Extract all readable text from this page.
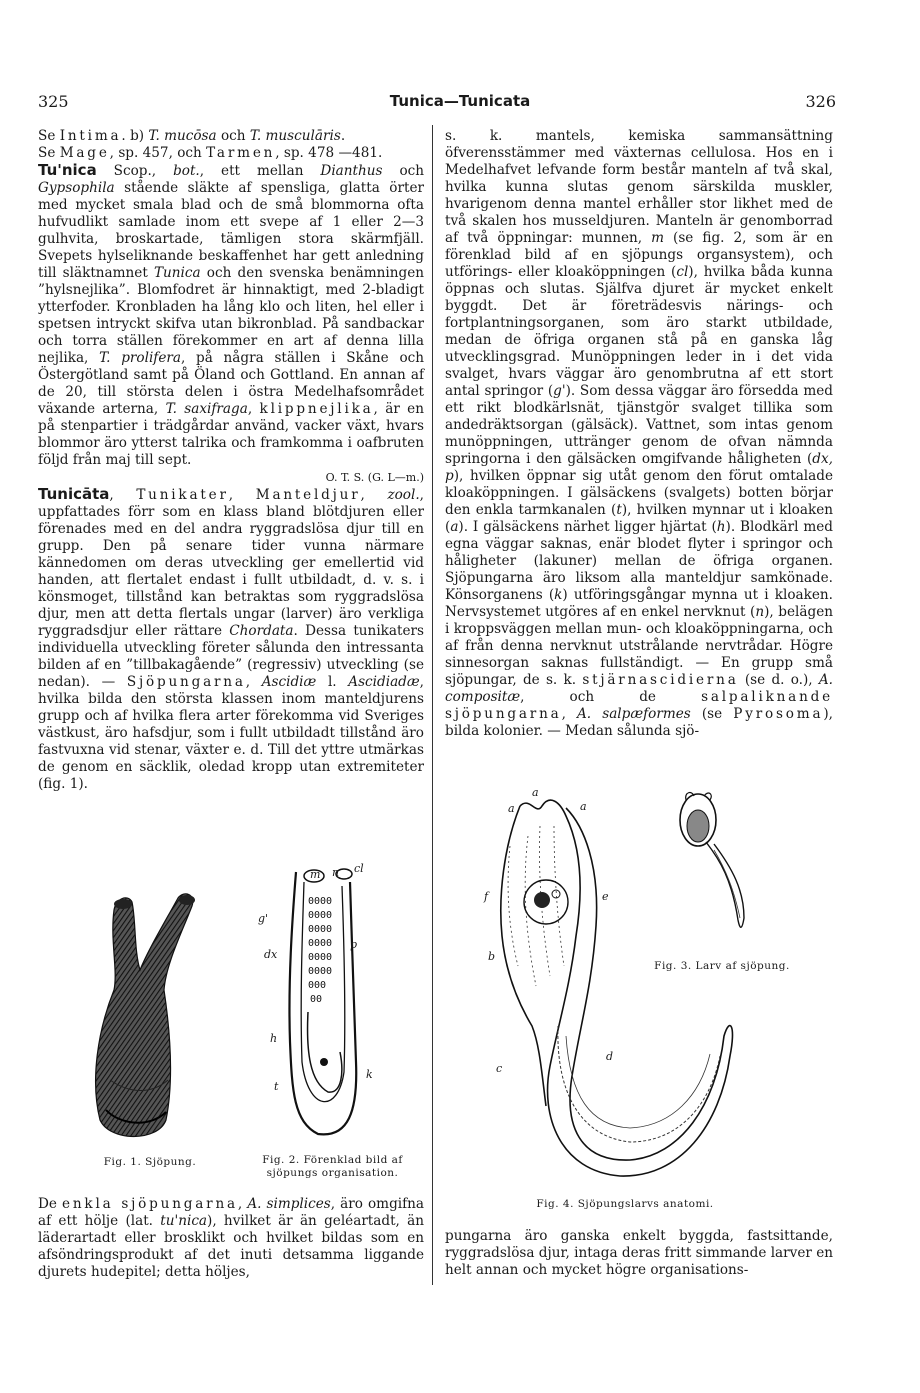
325	Tunica—Tunicata	326

Se Intima. b) T. mucōsa och T. musculāris.
Se Mage, sp. 457, och Tarmen, sp. 478 —481.

Tu'nica Scop., bot., ett mellan Dianthus och Gypsophila stående släkte af spensliga, glatta örter med mycket smala blad och de små blommorna ofta hufvudlikt samlade inom ett svepe af 1 eller 2—3 gulhvita, broskartade, tämligen stora skärmfjäll. Svepets hylseliknande beskaffenhet har gett anledning till släktnamnet Tunica och den svenska benämningen ”hylsnejlika”. Blomfodret är hinnaktigt, med 2-bladigt ytterfoder. Kronbladen ha lång klo och liten, hel eller i spetsen intryckt skifva utan bikronblad. På sandbackar och torra ställen förekommer en art af denna lilla nejlika, T. prolifera, på några ställen i Skåne och Östergötland samt på Öland och Gottland. En annan af de 20, till största delen i östra Medelhafsområdet växande arterna, T. saxifraga, klippnejlika, är en på stenpartier i trädgårdar använd, vacker växt, hvars blommor äro ytterst talrika och framkomma i oafbruten följd från maj till sept.
O. T. S. (G. L—m.)

Tunicāta, Tunikater, Manteldjur, zool., uppfattades förr som en klass bland blötdjuren eller förenades med en del andra ryggradslösa djur till en grupp. Den på senare tider vunna närmare kännedomen om deras utveckling ger emellertid vid handen, att flertalet endast i fullt utbildadt, d. v. s. i könsmoget, tillstånd kan betraktas som ryggradslösa djur, men att detta flertals ungar (larver) äro verkliga ryggradsdjur eller rättare Chordata. Dessa tunikaters individuella utveckling företer sålunda den intressanta bilden af en ”tillbakagående” (regressiv) utveckling (se nedan). — Sjöpungarna, Ascidiæ l. Ascidiadæ, hvilka bilda den största klassen inom manteldjurens grupp och af hvilka flera arter förekomma vid Sveriges västkust, äro hafsdjur, som i fullt utbildadt tillstånd äro fastvuxna vid stenar, växter e. d. Till det yttre utmärkas de genom en säcklik, oledad kropp utan extremiteter (fig. 1).

Fig. 1. Sjöpung.
0000
0000
0000
0000
0000
0000
000
00
m n cl
g'
dx
p
h
t
k
Fig. 2. Förenklad bild af sjöpungs organisation.

De enkla sjöpungarna, A. simplices, äro omgifna af ett hölje (lat. tu'nica), hvilket är än geléartadt, än läderartadt eller brosklikt och hvilket bildas som en afsöndringsprodukt af det inuti detsamma liggande djurets hudepitel; detta höljes,

s. k. mantels, kemiska sammansättning öfverensstämmer med växternas cellulosa. Hos en i Medelhafvet lefvande form består manteln af två skal, hvilka kunna slutas genom särskilda muskler, hvarigenom denna mantel erhåller stor likhet med de två skalen hos musseldjuren. Manteln är genomborrad af två öppningar: munnen, m (se fig. 2, som är en förenklad bild af en sjöpungs organsystem), och utförings- eller kloaköppningen (cl), hvilka båda kunna öppnas och slutas. Själfva djuret är mycket enkelt byggdt. Det är företrädesvis närings- och fortplantningsorganen, som äro starkt utbildade, medan de öfriga organen stå på en ganska låg utvecklingsgrad. Munöppningen leder in i det vida svalget, hvars väggar äro genombrutna af ett stort antal springor (g'). Som dessa väggar äro försedda med ett rikt blodkärlsnät, tjänstgör svalget tillika som andedräktsorgan (gälsäck). Vattnet, som intas genom munöppningen, uttränger genom de ofvan nämnda springorna i den gälsäcken omgifvande håligheten (dx, p), hvilken öppnar sig utåt genom den förut omtalade kloaköppningen. I gälsäckens (svalgets) botten börjar den enkla tarmkanalen (t), hvilken mynnar ut i kloaken (a). I gälsäckens närhet ligger hjärtat (h). Blodkärl med egna väggar saknas, enär blodet flyter i springor och håligheter (lakuner) mellan de öfriga organen. Sjöpungarna äro liksom alla manteldjur samkönade. Könsorganens (k) utföringsgångar mynna ut i kloaken. Nervsystemet utgöres af en enkel nervknut (n), belägen i kroppsväggen mellan mun- och kloaköppningarna, och af från denna nervknut utstrålande nervtrådar. Högre sinnesorgan saknas fullständigt. — En grupp små sjöpungar, de s. k. stjärnascidierna (se d. o.), A. compositæ, och de salpaliknande sjöpungarna, A. salpæformes (se Pyrosoma), bilda kolonier. — Medan sålunda sjö-

a
a
a
f	e
b
d
c
Fig. 4. Sjöpungslarvs anatomi.
Fig. 3. Larv af sjöpung.

pungarna äro ganska enkelt byggda, fastsittande, ryggradslösa djur, intaga deras fritt simmande larver en helt annan och mycket högre organisations-
